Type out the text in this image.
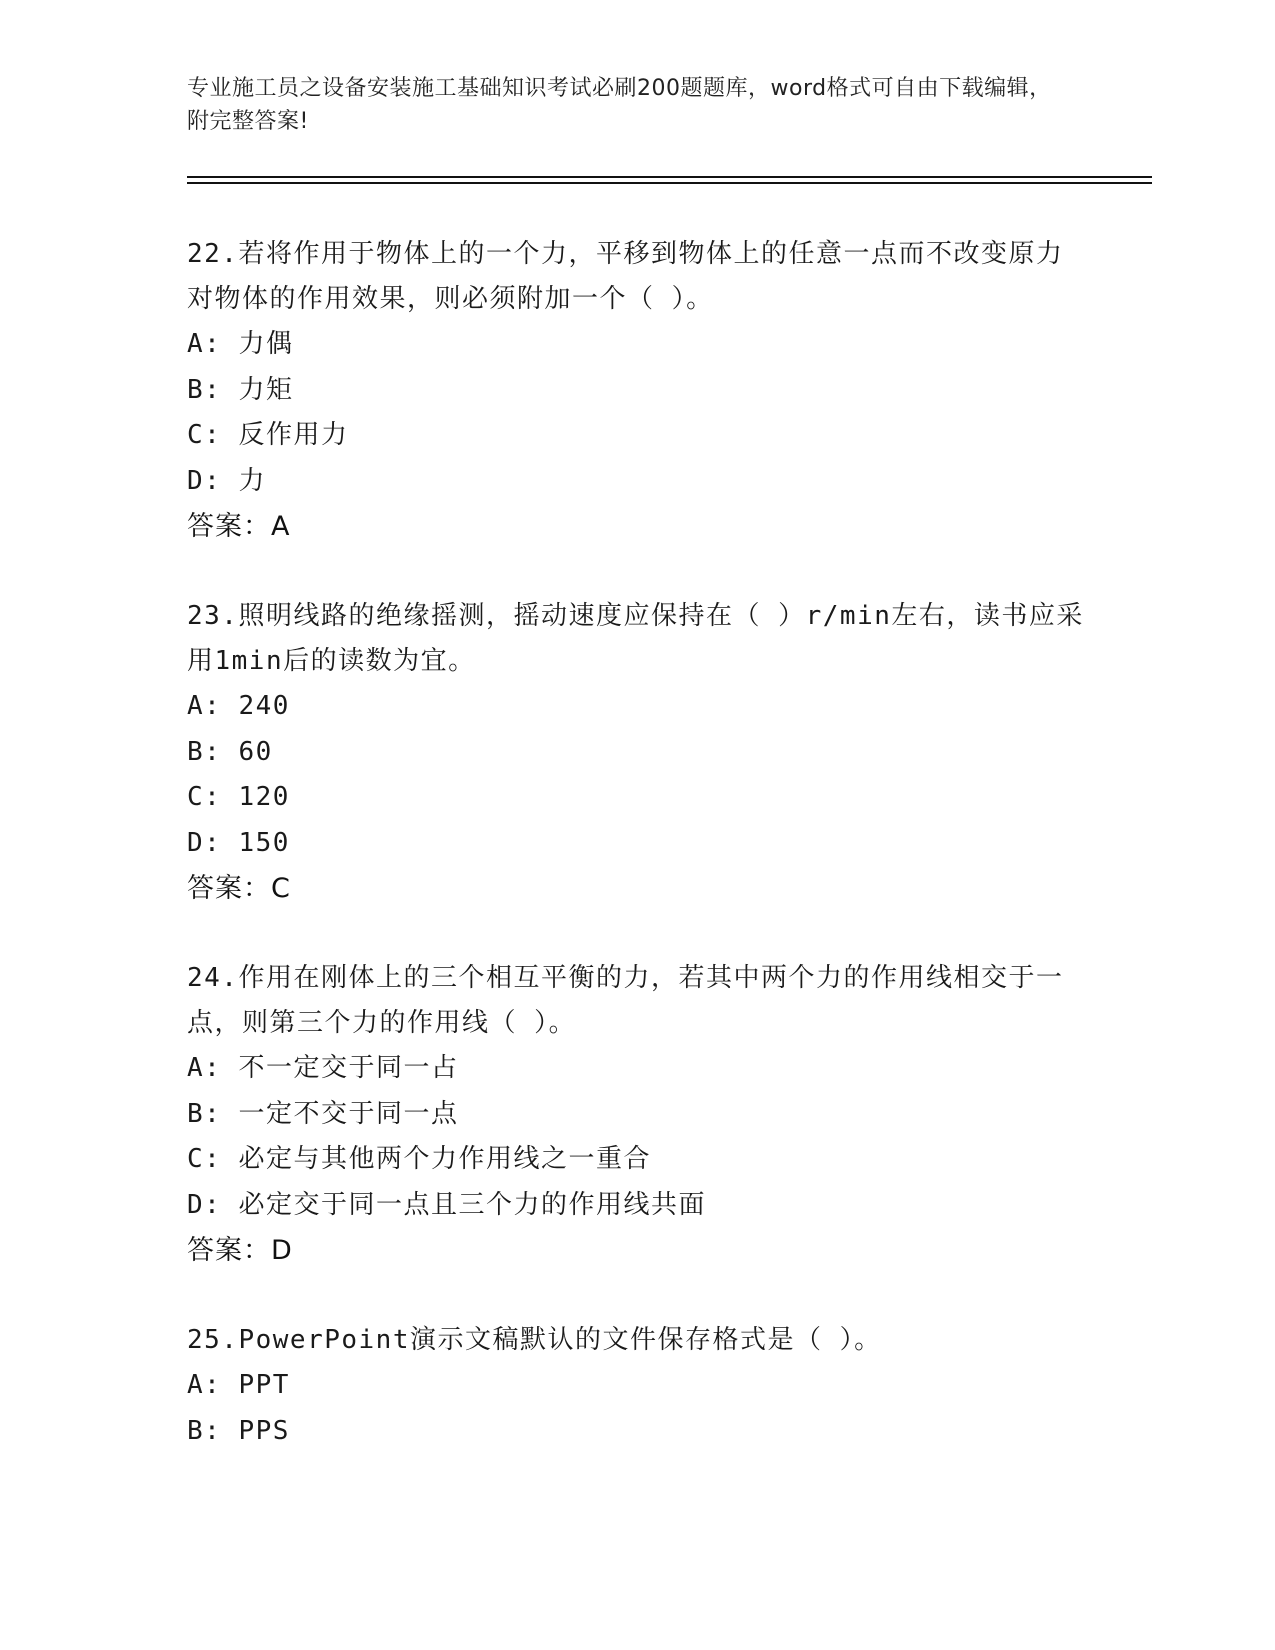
专业施工员之设备安装施工基础知识考试必刷200题题库，word格式可自由下载编辑，附完整答案!

22.若将作用于物体上的一个力，平移到物体上的任意一点而不改变原力对物体的作用效果，则必须附加一个（ ）。

A: 力偶

B: 力矩

C: 反作用力

D: 力

答案：A

23.照明线路的绝缘摇测，摇动速度应保持在（ ）r/min左右，读书应采用1min后的读数为宜。

A: 240

B: 60

C: 120

D: 150

答案：C

24.作用在刚体上的三个相互平衡的力，若其中两个力的作用线相交于一点，则第三个力的作用线（ ）。

A: 不一定交于同一占

B: 一定不交于同一点

C: 必定与其他两个力作用线之一重合

D: 必定交于同一点且三个力的作用线共面

答案：D

25.PowerPoint演示文稿默认的文件保存格式是（ ）。

A: PPT

B: PPS
